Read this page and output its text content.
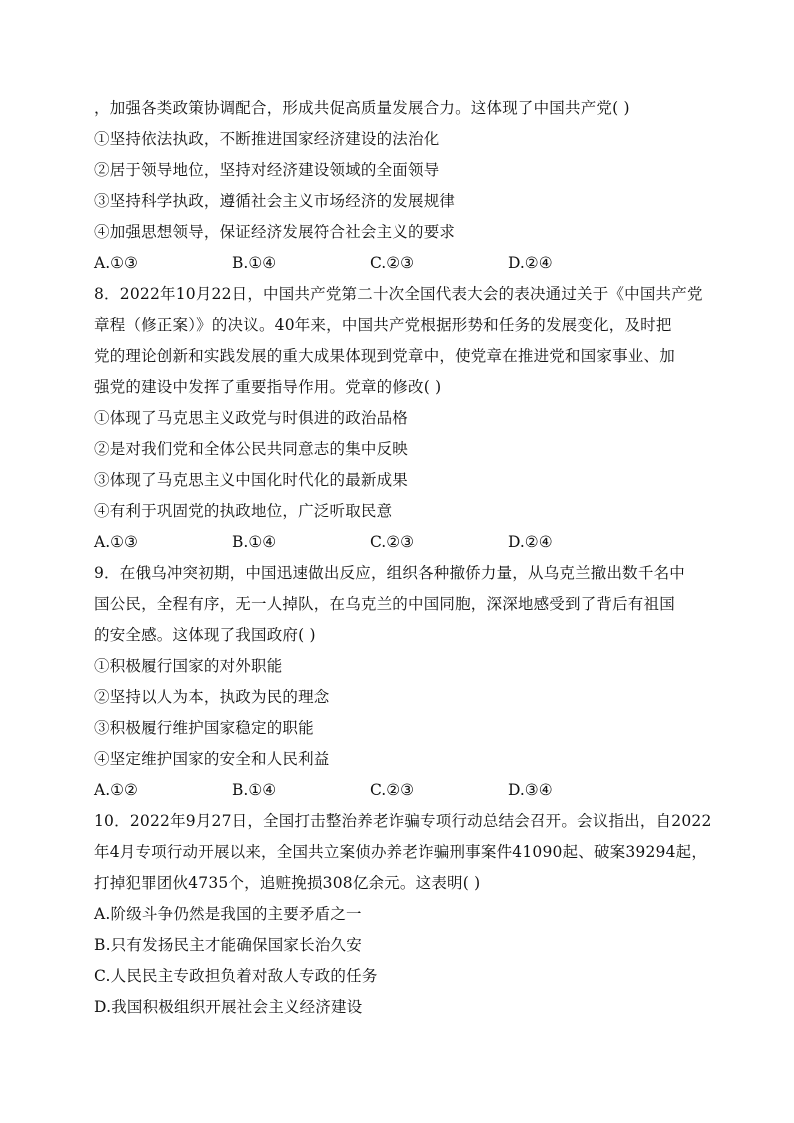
，加强各类政策协调配合，形成共促高质量发展合力。这体现了中国共产党( )
①坚持依法执政，不断推进国家经济建设的法治化
②居于领导地位，坚持对经济建设领域的全面领导
③坚持科学执政，遵循社会主义市场经济的发展规律
④加强思想领导，保证经济发展符合社会主义的要求
A.①③	B.①④	C.②③	D.②④
8．2022年10月22日，中国共产党第二十次全国代表大会的表决通过关于《中国共产党
章程（修正案）》的决议。40年来，中国共产党根据形势和任务的发展变化，及时把
党的理论创新和实践发展的重大成果体现到党章中，使党章在推进党和国家事业、加
强党的建设中发挥了重要指导作用。党章的修改( )
①体现了马克思主义政党与时俱进的政治品格
②是对我们党和全体公民共同意志的集中反映
③体现了马克思主义中国化时代化的最新成果
④有利于巩固党的执政地位，广泛听取民意
A.①③	B.①④	C.②③	D.②④
9．在俄乌冲突初期，中国迅速做出反应，组织各种撤侨力量，从乌克兰撤出数千名中
国公民，全程有序，无一人掉队，在乌克兰的中国同胞，深深地感受到了背后有祖国
的安全感。这体现了我国政府( )
①积极履行国家的对外职能
②坚持以人为本，执政为民的理念
③积极履行维护国家稳定的职能
④坚定维护国家的安全和人民利益
A.①②	B.①④	C.②③	D.③④
10．2022年9月27日，全国打击整治养老诈骗专项行动总结会召开。会议指出，自2022
年4月专项行动开展以来，全国共立案侦办养老诈骗刑事案件41090起、破案39294起，
打掉犯罪团伙4735个，追赃挽损308亿余元。这表明( )
A.阶级斗争仍然是我国的主要矛盾之一
B.只有发扬民主才能确保国家长治久安
C.人民民主专政担负着对敌人专政的任务
D.我国积极组织开展社会主义经济建设
